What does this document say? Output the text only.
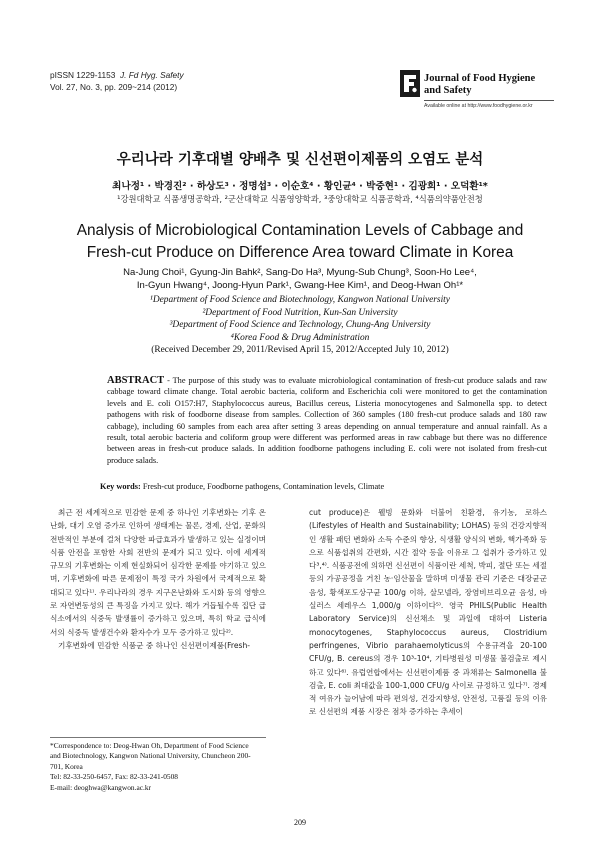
pISSN 1229-1153 J. Fd Hyg. Safety
Vol. 27, No. 3, pp. 209~214 (2012)
Journal of Food Hygiene
and Safety
Available online at http://www.foodhygiene.or.kr
우리나라 기후대별 양배추 및 신선편이제품의 오염도 분석
최나정¹ · 박경진² · 하상도³ · 정명섭³ · 이순호⁴ · 황인균⁴ · 박중현¹ · 김광희¹ · 오덕환¹*
¹강원대학교 식품생명공학과, ²군산대학교 식품영양학과, ³중앙대학교 식품공학과, ⁴식품의약품안전청
Analysis of Microbiological Contamination Levels of Cabbage and
Fresh-cut Produce on Difference Area toward Climate in Korea
Na-Jung Choi¹, Gyung-Jin Bahk², Sang-Do Ha³, Myung-Sub Chung³, Soon-Ho Lee⁴,
In-Gyun Hwang⁴, Joong-Hyun Park¹, Gwang-Hee Kim¹, and Deog-Hwan Oh¹*
¹Department of Food Science and Biotechnology, Kangwon National University
²Department of Food Nutrition, Kun-San University
³Department of Food Science and Technology, Chung-Ang University
⁴Korea Food & Drug Administration
(Received December 29, 2011/Revised April 15, 2012/Accepted July 10, 2012)
ABSTRACT - The purpose of this study was to evaluate microbiological contamination of fresh-cut produce salads and raw cabbage toward climate change. Total aerobic bacteria, coliform and Escherichia coli were monitored to get the contamination levels and E. coli O157:H7, Staphylococcus aureus, Bacillus cereus, Listeria monocytogenes and Salmonella spp. to detect pathogens with risk of foodborne disease from samples. Collection of 360 samples (180 fresh-cut produce salads and 180 raw cabbage), including 60 samples from each area after setting 3 areas depending on annual temperature and annual rainfall. As a result, total aerobic bacteria and coliform group were different was performed areas in raw cabbage but there was no difference between areas in fresh-cut produce salads. In addition foodborne pathogens including E. coli were not isolated from fresh-cut produce salads.
Key words: Fresh-cut produce, Foodborne pathogens, Contamination levels, Climate

최근 전 세계적으로 민감한 문제 중 하나인 기후변화는 기후 온난화, 대기 오염 증가로 인하여 생태계는 물론, 경제, 산업, 문화의 전반적인 부분에 걸쳐 다양한 파급효과가 발생하고 있는 실정이며 식품 안전을 포함한 사회 전반의 문제가 되고 있다. 이에 세계적 규모의 기후변화는 이제 현실화되어 심각한 문제를 야기하고 있으며, 기후변화에 따른 문제점이 특정 국가 차원에서 국제적으로 확대되고 있다¹⁾. 우리나라의 경우 지구온난화와 도시화 등의 영향으로 자연변동성의 큰 특징을 가지고 있다. 해가 거듭될수록 집단 급식소에서의 식중독 발생률이 증가하고 있으며, 특히 학교 급식에서의 식중독 발생건수와 환자수가 모두 증가하고 있다²⁾.

기후변화에 민감한 식품군 중 하나인 신선편이제품(Fresh-

cut produce)은 웰빙 문화와 더불어 친환경, 유기농, 로하스(Lifestyles of Health and Sustainability; LOHAS) 등의 건강지향적인 생활 패턴 변화와 소득 수준의 향상, 식생활 양식의 변화, 핵가족화 등으로 식품섭취의 간편화, 시간 절약 등을 이유로 그 섭취가 증가하고 있다³,⁴⁾. 식품공전에 의하면 신선편이 식품이란 세척, 박피, 절단 또는 세절 등의 가공공정을 거친 농·임산물을 말하며 미생물 관리 기준은 대장균군 음성, 황색포도상구균 100/g 이하, 살모넬라, 장염비브리오균 음성, 바실러스 세레우스 1,000/g 이하이다⁵⁾. 영국 PHILS(Public Health Laboratory Service)의 신선채소 및 과일에 대하여 Listeria monocytogenes, Staphylococcus aureus, Clostridium perfringenes, Vibrio parahaemolyticus의 수용규격을 20-100 CFU/g, B. cereus의 경우 10³-10⁴, 기타병원성 미생물 불검출로 제시하고 있다⁶⁾. 유럽연합에서는 신선편이제품 중 과채류는 Salmonella 불검출, E. coli 최대값을 100-1,000 CFU/g 사이로 규정하고 있다⁷⁾. 경제적 여유가 늘어남에 따라 편의성, 건강지향성, 안전성, 고품질 등의 이유로 신선편의 제품 시장은 점차 증가하는 추세이

*Correspondence to: Deog-Hwan Oh, Department of Food Science
and Biotechnology, Kangwon National University, Chuncheon 200-
701, Korea
Tel: 82-33-250-6457, Fax: 82-33-241-0508
E-mail: deoghwa@kangwon.ac.kr
209
